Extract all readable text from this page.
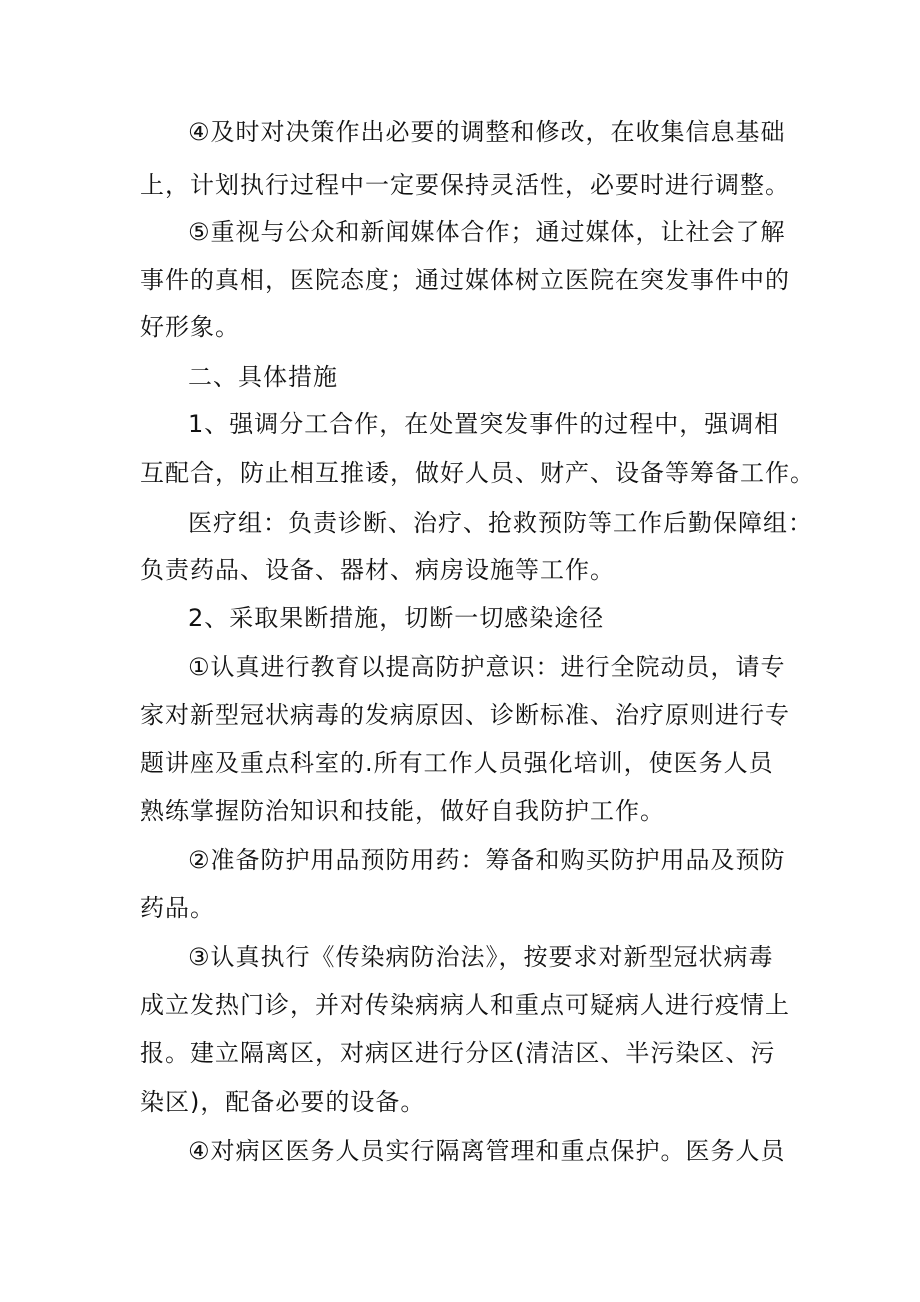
④及时对决策作出必要的调整和修改，在收集信息基础
上，计划执行过程中一定要保持灵活性，必要时进行调整。
⑤重视与公众和新闻媒体合作；通过媒体，让社会了解
事件的真相，医院态度；通过媒体树立医院在突发事件中的
好形象。
二、具体措施
1、强调分工合作，在处置突发事件的过程中，强调相
互配合，防止相互推诿，做好人员、财产、设备等筹备工作。
医疗组：负责诊断、治疗、抢救预防等工作后勤保障组：
负责药品、设备、器材、病房设施等工作。
2、采取果断措施，切断一切感染途径
①认真进行教育以提高防护意识：进行全院动员，请专
家对新型冠状病毒的发病原因、诊断标准、治疗原则进行专
题讲座及重点科室的.所有工作人员强化培训，使医务人员
熟练掌握防治知识和技能，做好自我防护工作。
②准备防护用品预防用药：筹备和购买防护用品及预防
药品。
③认真执行《传染病防治法》，按要求对新型冠状病毒
成立发热门诊，并对传染病病人和重点可疑病人进行疫情上
报。建立隔离区，对病区进行分区(清洁区、半污染区、污
染区)，配备必要的设备。
④对病区医务人员实行隔离管理和重点保护。医务人员
